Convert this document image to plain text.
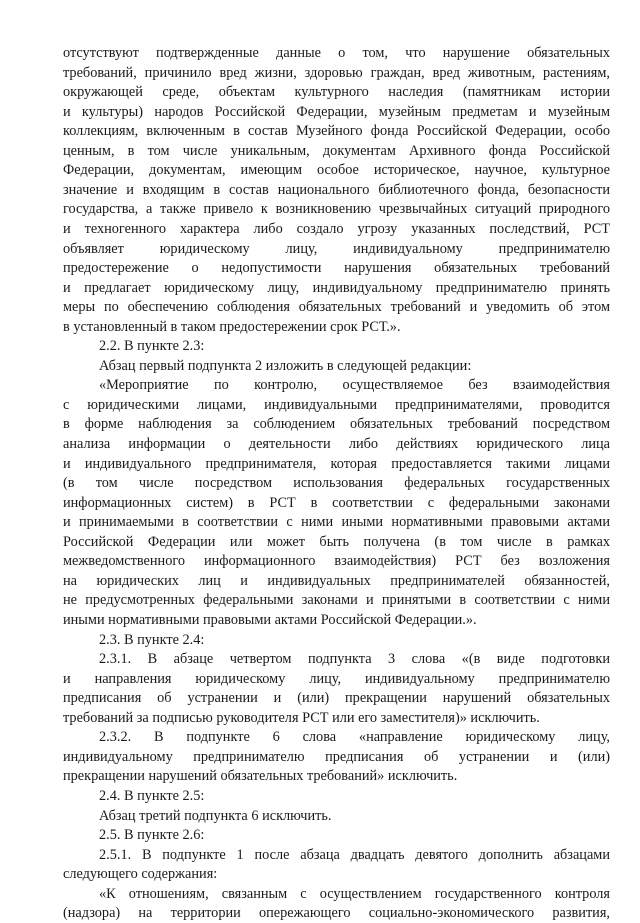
отсутствуют подтвержденные данные о том, что нарушение обязательных
требований, причинило вред жизни, здоровью граждан, вред животным, растениям,
окружающей среде, объектам культурного наследия (памятникам истории
и культуры) народов Российской Федерации, музейным предметам и музейным
коллекциям, включенным в состав Музейного фонда Российской Федерации, особо
ценным, в том числе уникальным, документам Архивного фонда Российской
Федерации, документам, имеющим особое историческое, научное, культурное
значение и входящим в состав национального библиотечного фонда, безопасности
государства, а также привело к возникновению чрезвычайных ситуаций природного
и техногенного характера либо создало угрозу указанных последствий, РСТ
объявляет юридическому лицу, индивидуальному предпринимателю
предостережение о недопустимости нарушения обязательных требований
и предлагает юридическому лицу, индивидуальному предпринимателю принять
меры по обеспечению соблюдения обязательных требований и уведомить об этом
в установленный в таком предостережении срок РСТ.».
2.2. В пункте 2.3:
Абзац первый подпункта 2 изложить в следующей редакции:
«Мероприятие по контролю, осуществляемое без взаимодействия
с юридическими лицами, индивидуальными предпринимателями, проводится
в форме наблюдения за соблюдением обязательных требований посредством
анализа информации о деятельности либо действиях юридического лица
и индивидуального предпринимателя, которая предоставляется такими лицами
(в том числе посредством использования федеральных государственных
информационных систем) в РСТ в соответствии с федеральными законами
и принимаемыми в соответствии с ними иными нормативными правовыми актами
Российской Федерации или может быть получена (в том числе в рамках
межведомственного информационного взаимодействия) РСТ без возложения
на юридических лиц и индивидуальных предпринимателей обязанностей,
не предусмотренных федеральными законами и принятыми в соответствии с ними
иными нормативными правовыми актами Российской Федерации.».
2.3. В пункте 2.4:
2.3.1. В абзаце четвертом подпункта 3 слова «(в виде подготовки
и направления юридическому лицу, индивидуальному предпринимателю
предписания об устранении и (или) прекращении нарушений обязательных
требований за подписью руководителя РСТ или его заместителя)» исключить.
2.3.2. В подпункте 6 слова «направление юридическому лицу,
индивидуальному предпринимателю предписания об устранении и (или)
прекращении нарушений обязательных требований» исключить.
2.4. В пункте 2.5:
Абзац третий подпункта 6 исключить.
2.5. В пункте 2.6:
2.5.1. В подпункте 1 после абзаца двадцать девятого дополнить абзацами
следующего содержания:
«К отношениям, связанным с осуществлением государственного контроля
(надзора) на территории опережающего социально-экономического развития,
